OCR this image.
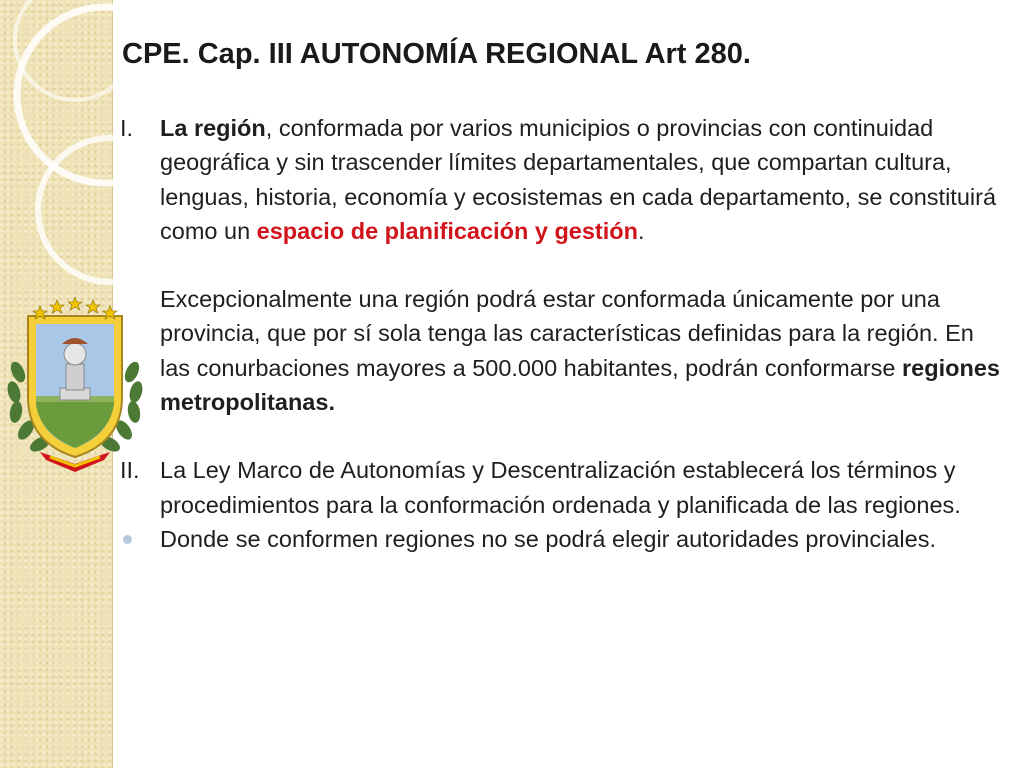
CPE. Cap. III AUTONOMÍA REGIONAL Art 280.
I.	La región, conformada por varios municipios o provincias con continuidad geográfica y sin trascender límites departamentales, que compartan cultura, lenguas, historia, economía y ecosistemas en cada departamento, se constituirá como un espacio de planificación y gestión.
Excepcionalmente una región podrá estar conformada únicamente por una provincia, que por sí sola tenga las características definidas para la región. En las conurbaciones mayores a 500.000 habitantes, podrán conformarse regiones metropolitanas.
II. La Ley Marco de Autonomías y Descentralización establecerá los términos y procedimientos para la conformación ordenada y planificada de las regiones.
Donde se conformen regiones no se podrá elegir autoridades provinciales.
